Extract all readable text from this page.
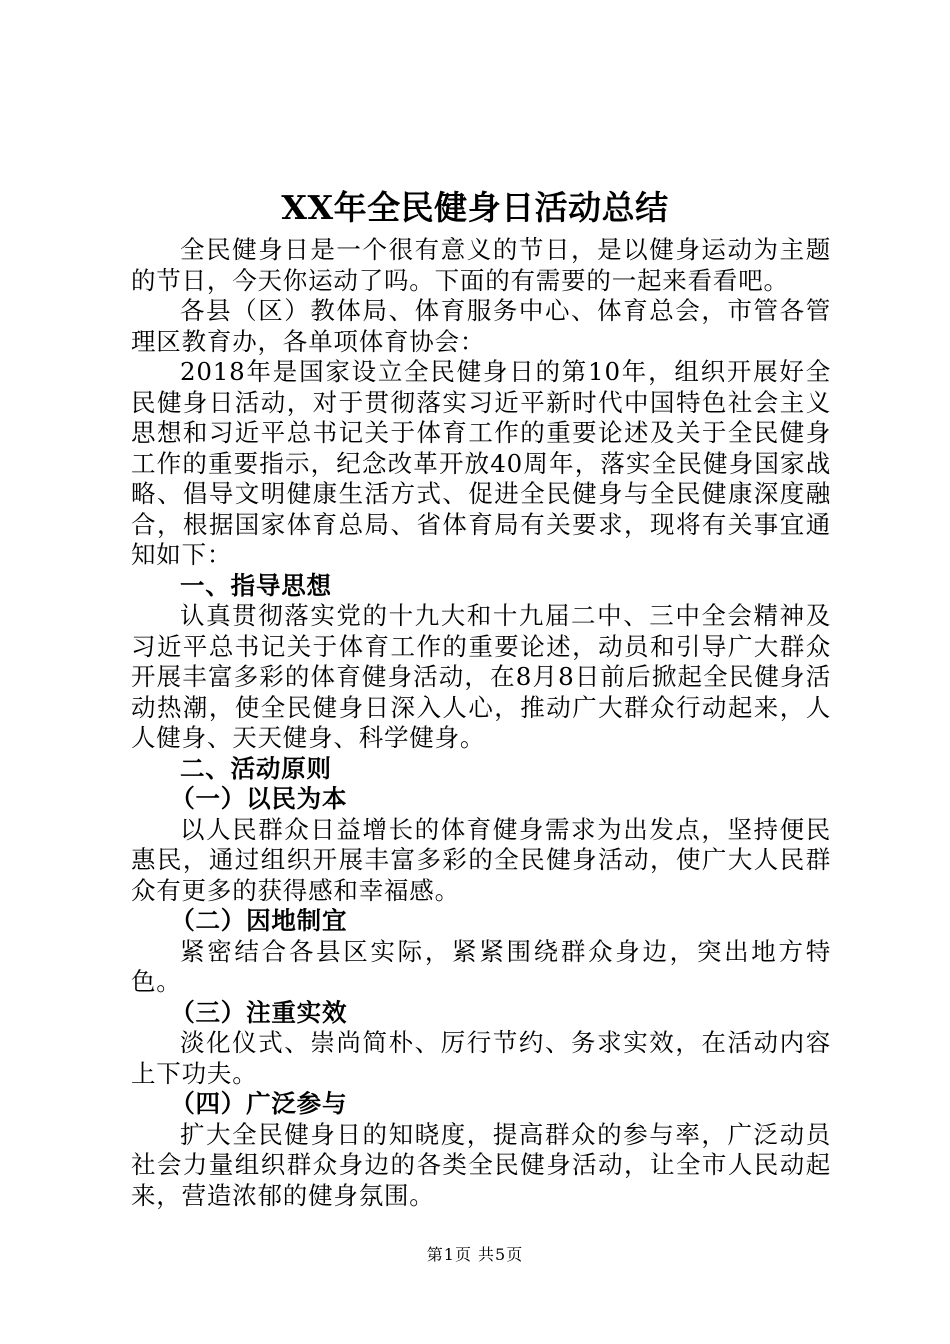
XX年全民健身日活动总结

全民健身日是一个很有意义的节日，是以健身运动为主题的节日，今天你运动了吗。下面的有需要的一起来看看吧。

各县（区）教体局、体育服务中心、体育总会，市管各管理区教育办，各单项体育协会：

2018年是国家设立全民健身日的第10年，组织开展好全民健身日活动，对于贯彻落实习近平新时代中国特色社会主义思想和习近平总书记关于体育工作的重要论述及关于全民健身工作的重要指示，纪念改革开放40周年，落实全民健身国家战略、倡导文明健康生活方式、促进全民健身与全民健康深度融合，根据国家体育总局、省体育局有关要求，现将有关事宜通知如下：

一、指导思想

认真贯彻落实党的十九大和十九届二中、三中全会精神及习近平总书记关于体育工作的重要论述，动员和引导广大群众开展丰富多彩的体育健身活动，在8月8日前后掀起全民健身活动热潮，使全民健身日深入人心，推动广大群众行动起来，人人健身、天天健身、科学健身。

二、活动原则

（一）以民为本

以人民群众日益增长的体育健身需求为出发点，坚持便民惠民，通过组织开展丰富多彩的全民健身活动，使广大人民群众有更多的获得感和幸福感。

（二）因地制宜

紧密结合各县区实际，紧紧围绕群众身边，突出地方特色。

（三）注重实效

淡化仪式、崇尚简朴、厉行节约、务求实效，在活动内容上下功夫。

（四）广泛参与

扩大全民健身日的知晓度，提高群众的参与率，广泛动员社会力量组织群众身边的各类全民健身活动，让全市人民动起来，营造浓郁的健身氛围。

第1页 共5页
